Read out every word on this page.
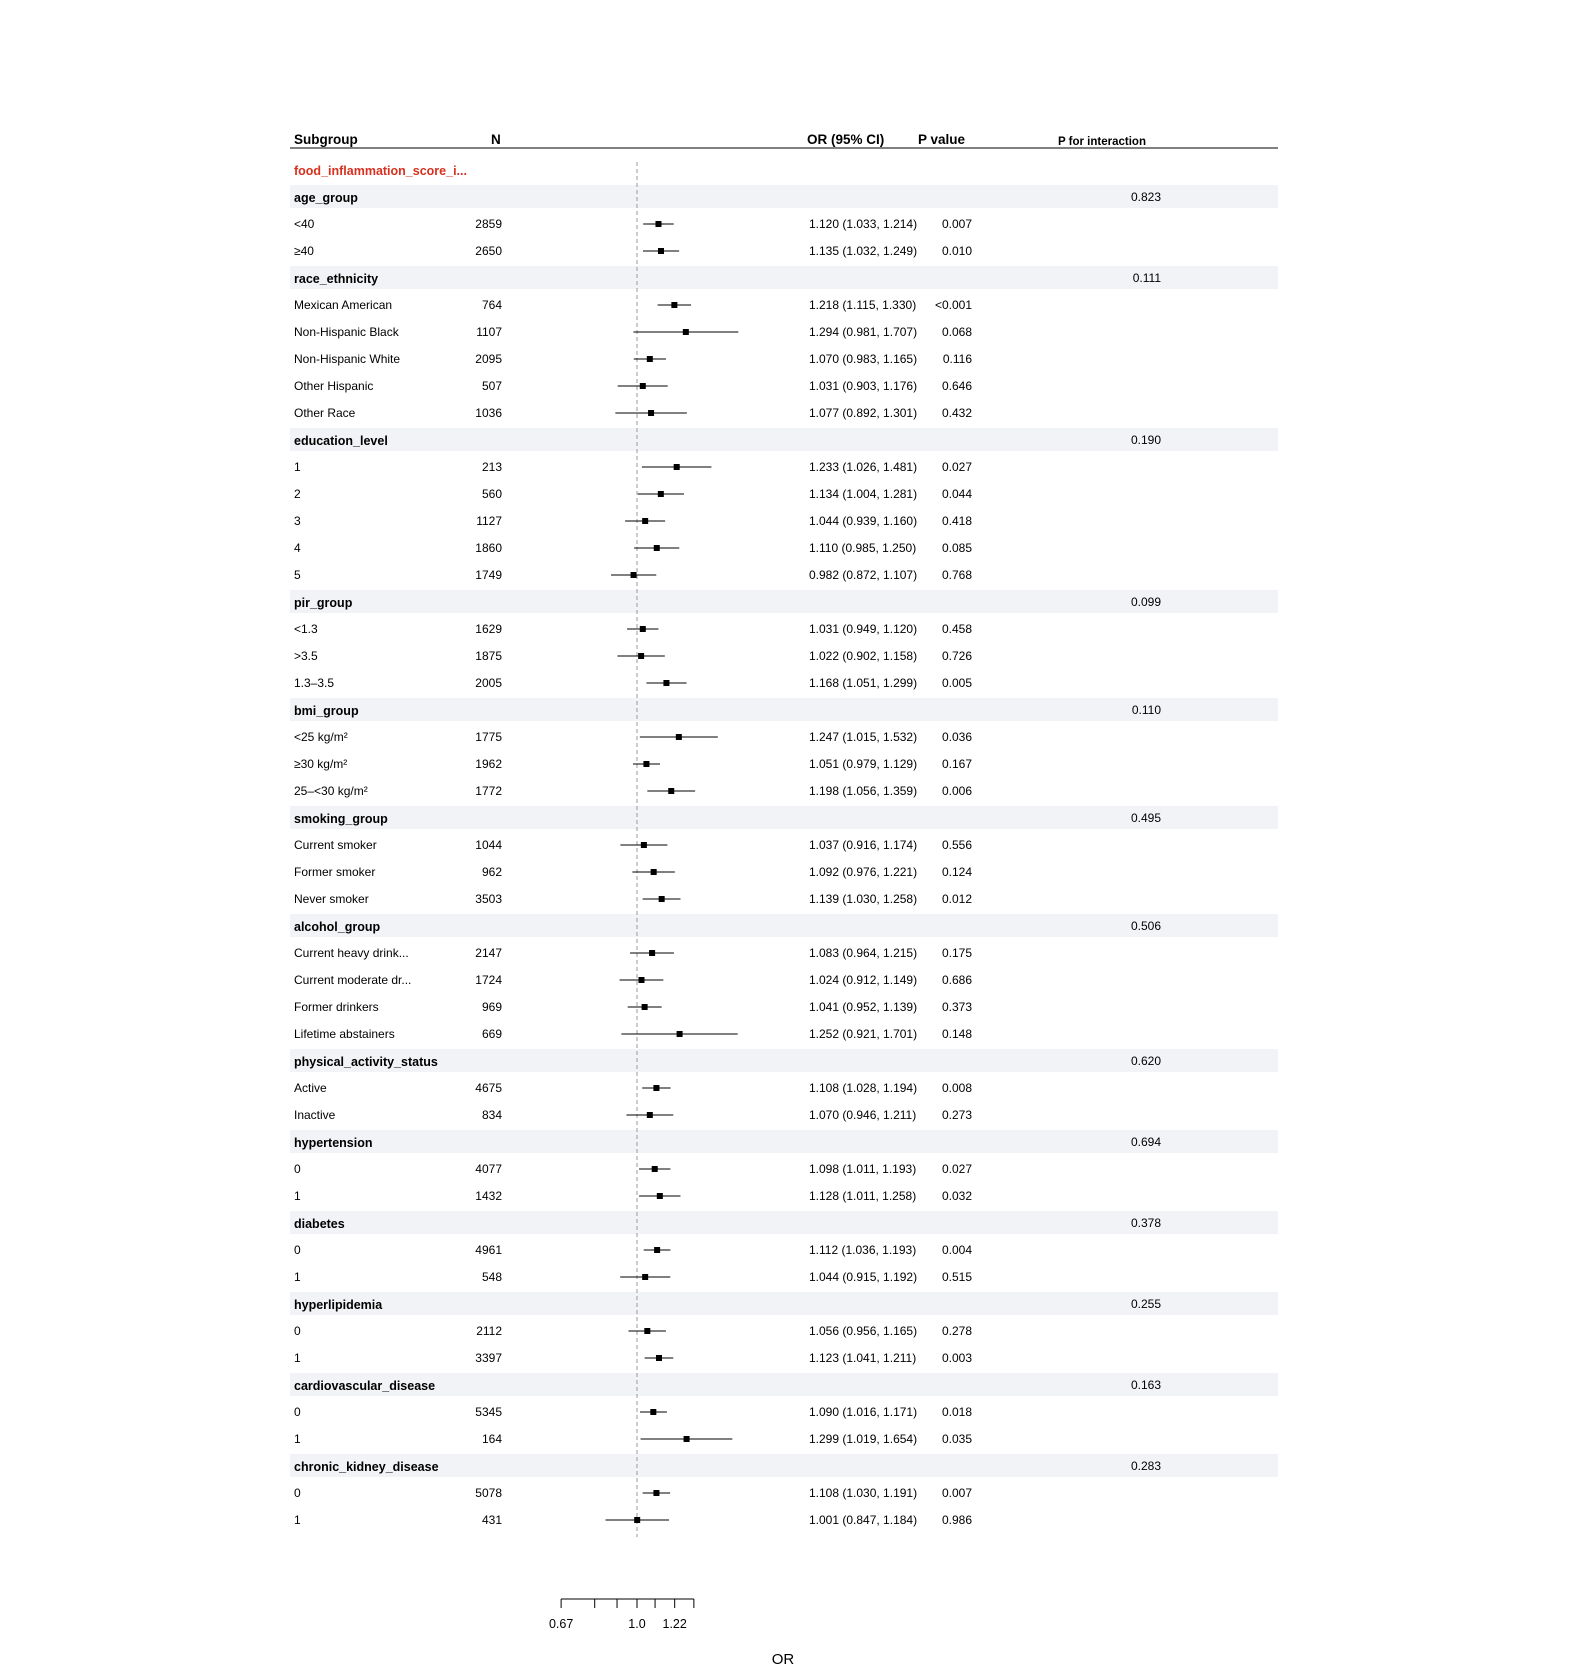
Subgroup	N	OR (95% CI) P value	P for interaction
food_inflammation_score_i...
age_group	0.823
<40	2859	1.120 (1.033, 1.214) 0.007
≥40	2650	1.135 (1.032, 1.249) 0.010
race_ethnicity	0.111
Mexican American	764	1.218 (1.115, 1.330) <0.001
Non-Hispanic Black	1107	1.294 (0.981, 1.707) 0.068
Non-Hispanic White	2095	1.070 (0.983, 1.165) 0.116
Other Hispanic	507	1.031 (0.903, 1.176) 0.646
Other Race	1036	1.077 (0.892, 1.301) 0.432
education_level	0.190
1	213	1.233 (1.026, 1.481) 0.027
2	560	1.134 (1.004, 1.281) 0.044
3	1127	1.044 (0.939, 1.160) 0.418
4	1860	1.110 (0.985, 1.250) 0.085
5	1749	0.982 (0.872, 1.107) 0.768
pir_group	0.099
<1.3	1629	1.031 (0.949, 1.120) 0.458
>3.5	1875	1.022 (0.902, 1.158) 0.726
1.3–3.5	2005	1.168 (1.051, 1.299) 0.005
bmi_group	0.110
<25 kg/m²	1775	1.247 (1.015, 1.532) 0.036
≥30 kg/m²	1962	1.051 (0.979, 1.129) 0.167
25–<30 kg/m²	1772	1.198 (1.056, 1.359) 0.006
smoking_group	0.495
Current smoker	1044	1.037 (0.916, 1.174) 0.556
Former smoker	962	1.092 (0.976, 1.221) 0.124
Never smoker	3503	1.139 (1.030, 1.258) 0.012
alcohol_group	0.506
Current heavy drink...	2147	1.083 (0.964, 1.215) 0.175
Current moderate dr...	1724	1.024 (0.912, 1.149) 0.686
Former drinkers	969	1.041 (0.952, 1.139) 0.373
Lifetime abstainers	669	1.252 (0.921, 1.701) 0.148
physical_activity_status	0.620
Active	4675	1.108 (1.028, 1.194) 0.008
Inactive	834	1.070 (0.946, 1.211) 0.273
hypertension	0.694
0	4077	1.098 (1.011, 1.193) 0.027
1	1432	1.128 (1.011, 1.258) 0.032
diabetes	0.378
0	4961	1.112 (1.036, 1.193) 0.004
1	548	1.044 (0.915, 1.192) 0.515
hyperlipidemia	0.255
0	2112	1.056 (0.956, 1.165) 0.278
1	3397	1.123 (1.041, 1.211) 0.003
cardiovascular_disease	0.163
0	5345	1.090 (1.016, 1.171) 0.018
1	164	1.299 (1.019, 1.654) 0.035
chronic_kidney_disease	0.283
0	5078	1.108 (1.030, 1.191) 0.007
1	431	1.001 (0.847, 1.184) 0.986
0.67	1.0 1.22
OR
